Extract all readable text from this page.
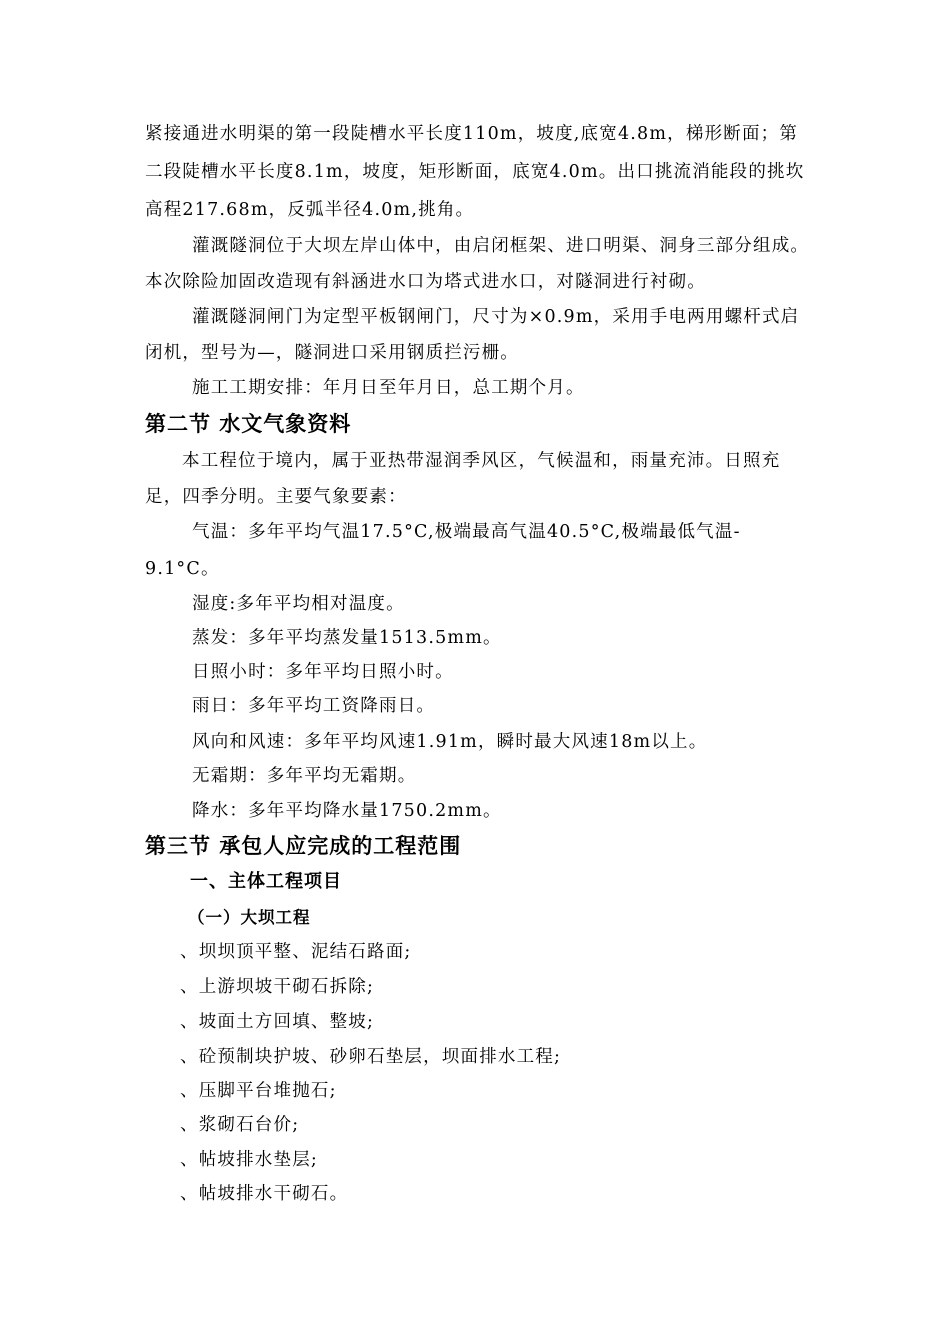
紧接通进水明渠的第一段陡槽水平长度110m，坡度,底宽4.8m，梯形断面；第
二段陡槽水平长度8.1m，坡度，矩形断面，底宽4.0m。出口挑流消能段的挑坎
高程217.68m，反弧半径4.0m,挑角。
灌溉隧洞位于大坝左岸山体中，由启闭框架、进口明渠、洞身三部分组成。
本次除险加固改造现有斜涵进水口为塔式进水口，对隧洞进行衬砌。
灌溉隧洞闸门为定型平板钢闸门，尺寸为×0.9m，采用手电两用螺杆式启
闭机，型号为—，隧洞进口采用钢质拦污栅。
施工工期安排：年月日至年月日，总工期个月。
第二节 水文气象资料
本工程位于境内，属于亚热带湿润季风区，气候温和，雨量充沛。日照充
足，四季分明。主要气象要素：
气温：多年平均气温17.5°C,极端最高气温40.5°C,极端最低气温-
9.1°C。
湿度:多年平均相对温度。
蒸发：多年平均蒸发量1513.5mm。
日照小时：多年平均日照小时。
雨日：多年平均工资降雨日。
风向和风速：多年平均风速1.91m，瞬时最大风速18m以上。
无霜期：多年平均无霜期。
降水：多年平均降水量1750.2mm。
第三节 承包人应完成的工程范围
一、主体工程项目
（一）大坝工程
、坝坝顶平整、泥结石路面;
、上游坝坡干砌石拆除;
、坡面土方回填、整坡;
、砼预制块护坡、砂卵石垫层，坝面排水工程;
、压脚平台堆抛石;
、浆砌石台价;
、帖坡排水垫层;
、帖坡排水干砌石。
